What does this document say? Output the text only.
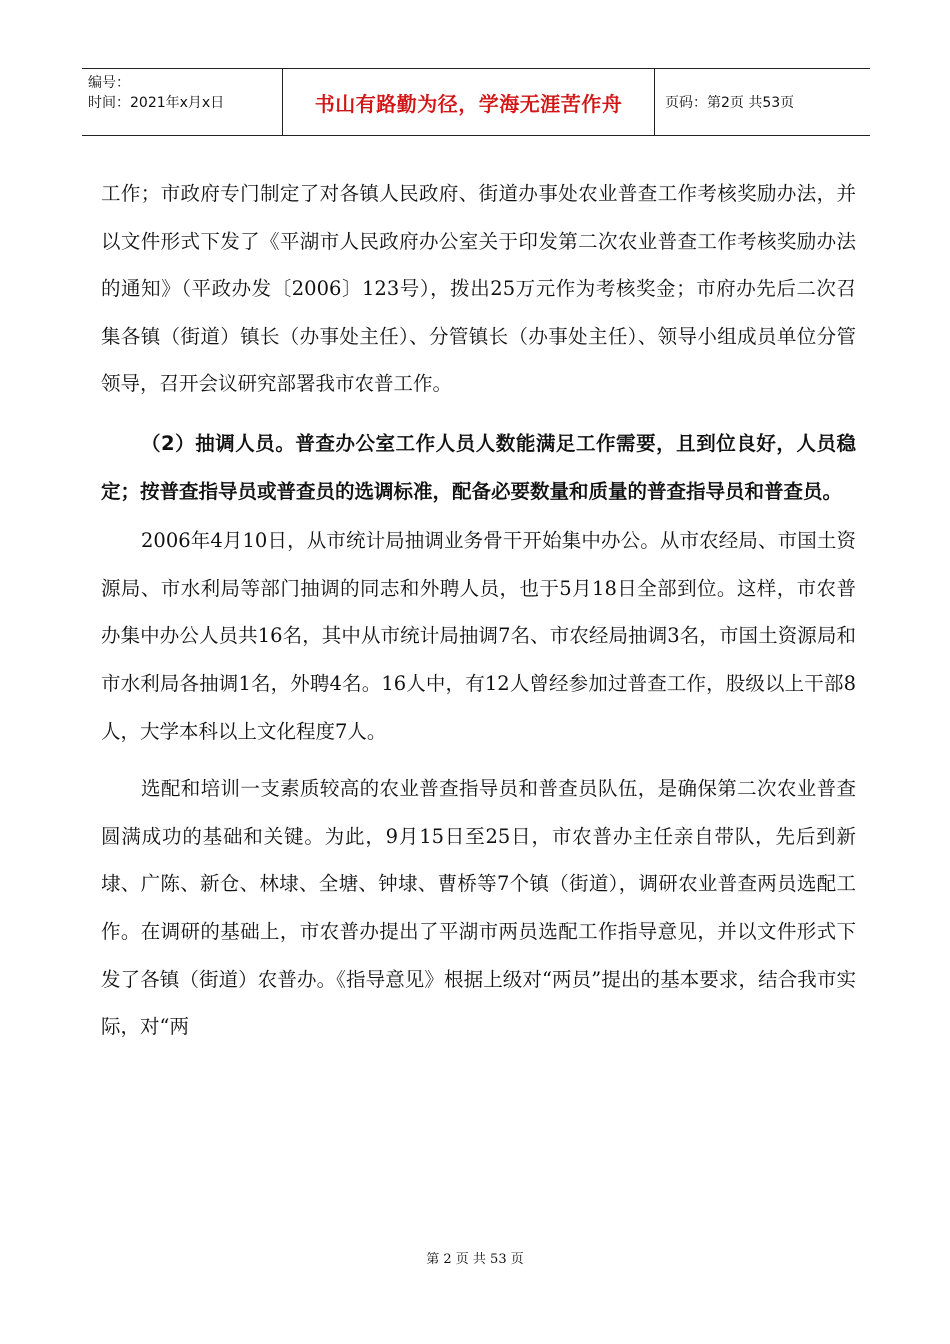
编号：
时间：2021年x月x日	书山有路勤为径，学海无涯苦作舟	页码：第2页 共53页

工作；市政府专门制定了对各镇人民政府、街道办事处农业普查工作考核奖励办法，并以文件形式下发了《平湖市人民政府办公室关于印发第二次农业普查工作考核奖励办法的通知》（平政办发〔2006〕123号），拨出25万元作为考核奖金；市府办先后二次召集各镇（街道）镇长（办事处主任）、分管镇长（办事处主任）、领导小组成员单位分管领导，召开会议研究部署我市农普工作。

（2）抽调人员。普查办公室工作人员人数能满足工作需要，且到位良好，人员稳定；按普查指导员或普查员的选调标准，配备必要数量和质量的普查指导员和普查员。

2006年4月10日，从市统计局抽调业务骨干开始集中办公。从市农经局、市国土资源局、市水利局等部门抽调的同志和外聘人员，也于5月18日全部到位。这样，市农普办集中办公人员共16名，其中从市统计局抽调7名、市农经局抽调3名，市国土资源局和市水利局各抽调1名，外聘4名。16人中，有12人曾经参加过普查工作，股级以上干部8人，大学本科以上文化程度7人。

选配和培训一支素质较高的农业普查指导员和普查员队伍，是确保第二次农业普查圆满成功的基础和关键。为此，9月15日至25日，市农普办主任亲自带队，先后到新埭、广陈、新仓、林埭、全塘、钟埭、曹桥等7个镇（街道），调研农业普查两员选配工作。在调研的基础上，市农普办提出了平湖市两员选配工作指导意见，并以文件形式下发了各镇（街道）农普办。《指导意见》根据上级对“两员”提出的基本要求，结合我市实际，对“两

第 2 页 共 53 页
